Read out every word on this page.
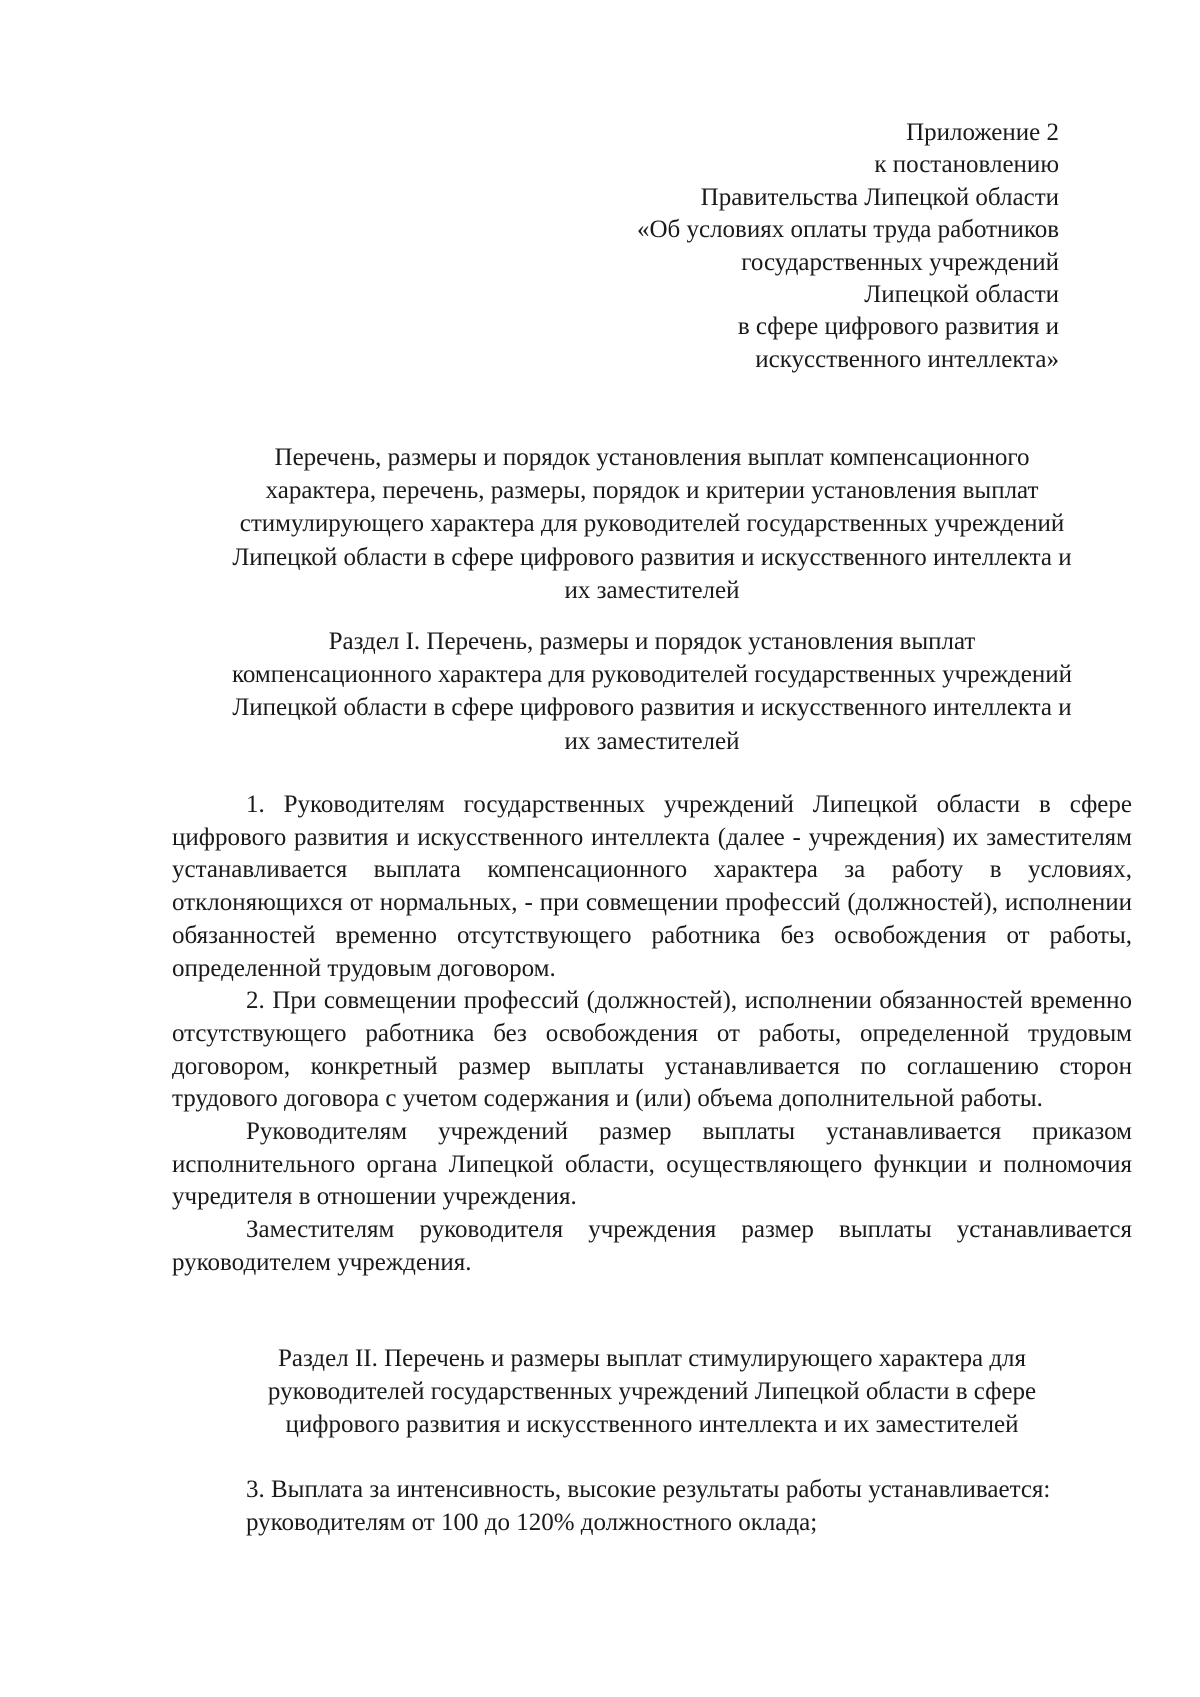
Приложение 2
к постановлению
Правительства Липецкой области
«Об условиях оплаты труда работников
государственных учреждений
Липецкой области
в сфере цифрового развития и
искусственного интеллекта»
Перечень, размеры и порядок установления выплат компенсационного
характера, перечень, размеры, порядок и критерии установления выплат
стимулирующего характера для руководителей государственных учреждений
Липецкой области в сфере цифрового развития и искусственного интеллекта и
их заместителей
Раздел I. Перечень, размеры и порядок установления выплат
компенсационного характера для руководителей государственных учреждений
Липецкой области в сфере цифрового развития и искусственного интеллекта и
их заместителей

1. Руководителям государственных учреждений Липецкой области в сфере цифрового развития и искусственного интеллекта (далее - учреждения) их заместителям устанавливается выплата компенсационного характера за работу в условиях, отклоняющихся от нормальных, - при совмещении профессий (должностей), исполнении обязанностей временно отсутствующего работника без освобождения от работы, определенной трудовым договором.

2. При совмещении профессий (должностей), исполнении обязанностей временно отсутствующего работника без освобождения от работы, определенной трудовым договором, конкретный размер выплаты устанавливается по соглашению сторон трудового договора с учетом содержания и (или) объема дополнительной работы.

Руководителям учреждений размер выплаты устанавливается приказом исполнительного органа Липецкой области, осуществляющего функции и полномочия учредителя в отношении учреждения.

Заместителям руководителя учреждения размер выплаты устанавливается руководителем учреждения.

Раздел II. Перечень и размеры выплат стимулирующего характера для
руководителей государственных учреждений Липецкой области в сфере
цифрового развития и искусственного интеллекта и их заместителей

3. Выплата за интенсивность, высокие результаты работы устанавливается:

руководителям от 100 до 120% должностного оклада;
